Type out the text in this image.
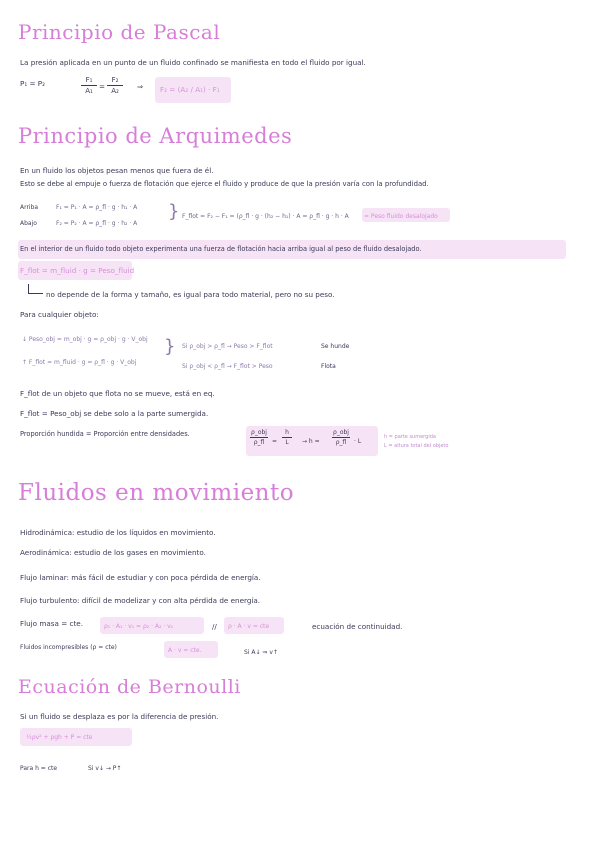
Principio de Pascal
La presión aplicada en un punto de un fluido confinado se manifiesta en todo el fluido por igual.
P₁ = P₂	F₁
A₁ =
F₂
A₂	⇒ F₂ = (A₂ / A₁) · F₁
Principio de Arquimedes
En un fluido los objetos pesan menos que fuera de él.
Esto se debe al empuje o fuerza de flotación que ejerce el fluido y produce de que la presión varía con la profundidad.
Arriba	F₁ = P₁ · A = ρ_fl · g · h₁ · A
Abajo	F₂ = P₂ · A = ρ_fl · g · h₂ · A
} F_flot = F₂ − F₁ = (ρ_fl · g · (h₂ − h₁) · A = ρ_fl · g · h · A	= Peso fluido desalojado
En el interior de un fluido todo objeto experimenta una fuerza de flotación hacia arriba igual al peso de fluido desalojado.
F_flot = m_fluid · g = Peso_fluid
no depende de la forma y tamaño, es igual para todo material, pero no su peso.
Para cualquier objeto:
↓ Peso_obj = m_obj · g = ρ_obj · g · V_obj
↑ F_flot = m_fluid · g = ρ_fl · g · V_obj
} Si ρ_obj > ρ_fl → Peso > F_flot	Se hunde
Si ρ_obj < ρ_fl → F_flot > Peso	Flota
F_flot de un objeto que flota no se mueve, está en eq.
F_flot = Peso_obj se debe solo a la parte sumergida.
Proporción hundida = Proporción entre densidades.	ρ_obj
ρ_fl	=
h
L	→ h =
ρ_obj
ρ_fl	· L
h = parte sumergida
L = altura total del objeto
Fluidos en movimiento
Hidrodinámica: estudio de los líquidos en movimiento.
Aerodinámica: estudio de los gases en movimiento.
Flujo laminar: más fácil de estudiar y con poca pérdida de energía.
Flujo turbulento: difícil de modelizar y con alta pérdida de energía.
Flujo masa = cte.	ρ₁ · A₁ · v₁ = ρ₂ · A₂ · v₂	// ρ · A · v = cte	ecuación de continuidad.
Fluidos incompresibles (ρ = cte)	A · v = cte.	Si A↓ ⇒ v↑
Ecuación de Bernoulli
Si un fluido se desplaza es por la diferencia de presión.
½ρv² + ρgh + P = cte
Para h = cte	Si v↓ → P↑
